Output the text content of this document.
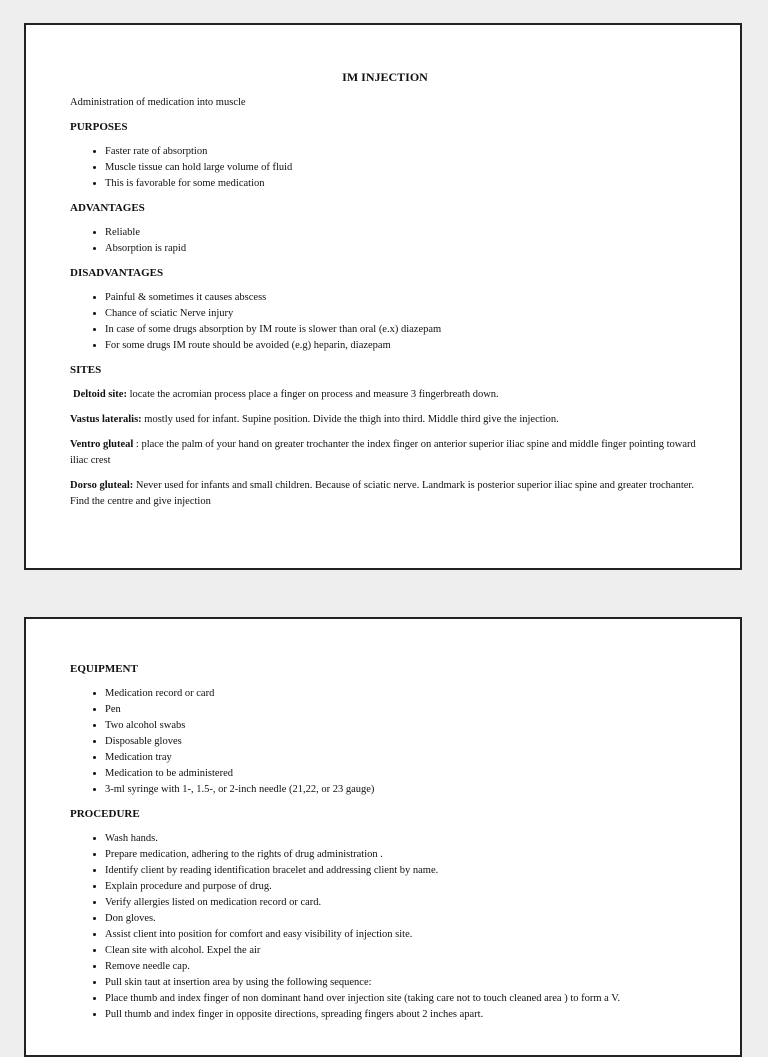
IM INJECTION
Administration of medication into muscle
PURPOSES
• Faster rate of absorption
• Muscle tissue can hold large volume of fluid
• This is favorable for some medication
ADVANTAGES
• Reliable
• Absorption is rapid
DISADVANTAGES
• Painful & sometimes it causes abscess
• Chance of sciatic Nerve injury
• In case of some drugs absorption by IM route is slower than oral (e.x) diazepam
• For some drugs IM route should be avoided (e.g) heparin, diazepam
SITES
Deltoid site: locate the acromian process place a finger on process and measure 3 fingerbreath down.
Vastus lateralis: mostly used for infant. Supine position. Divide the thigh into third. Middle third give the injection.
Ventro gluteal : place the palm of your hand on greater trochanter the index finger on anterior superior iliac spine and middle finger pointing toward iliac crest
Dorso gluteal: Never used for infants and small children. Because of sciatic nerve. Landmark is posterior superior iliac spine and greater trochanter. Find the centre and give injection
EQUIPMENT
• Medication record or card
• Pen
• Two alcohol swabs
• Disposable gloves
• Medication tray
• Medication to be administered
• 3-ml syringe with 1-, 1.5-, or 2-inch needle (21,22, or 23 gauge)
PROCEDURE
• Wash hands.
• Prepare medication, adhering to the rights of drug administration .
• Identify client by reading identification bracelet and addressing client by name.
• Explain procedure and purpose of drug.
• Verify allergies listed on medication record or card.
• Don gloves.
• Assist client into position for comfort and easy visibility of injection site.
• Clean site with alcohol. Expel the air
• Remove needle cap.
• Pull skin taut at insertion area by using the following sequence:
• Place thumb and index finger of non dominant hand over injection site (taking care not to touch cleaned area ) to form a V.
• Pull thumb and index finger in opposite directions, spreading fingers about 2 inches apart.
